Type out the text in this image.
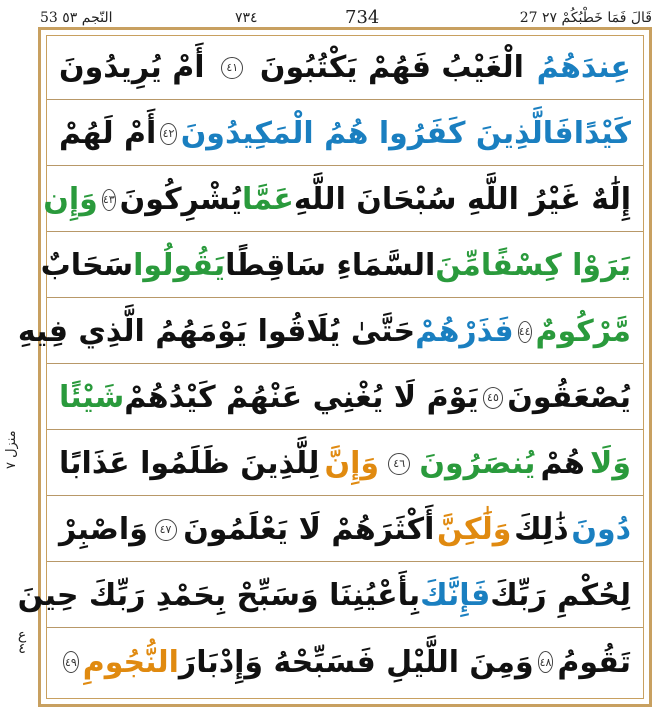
53 النّجم ٥٣	٧٣٤	734	27 قَالَ فَمَا خَطْبُكُمْ ٢٧
منزل ٧
ع ٤
عِندَهُمُ
الْغَيْبُ فَهُمْ يَكْتُبُونَ
٤١
أَمْ يُرِيدُونَ
كَيْدًا
فَالَّذِينَ كَفَرُوا هُمُ الْمَكِيدُونَ
٤٢
أَمْ لَهُمْ
إِلَٰهٌ غَيْرُ اللَّهِ سُبْحَانَ اللَّهِ
عَمَّا
يُشْرِكُونَ
٤٣
وَإِن
يَرَوْا كِسْفًا
مِّنَ
السَّمَاءِ سَاقِطًا
يَقُولُوا
سَحَابٌ
مَّرْكُومٌ
٤٤
فَذَرْهُمْ
حَتَّىٰ يُلَاقُوا يَوْمَهُمُ الَّذِي فِيهِ
يُصْعَقُونَ
٤٥
يَوْمَ لَا يُغْنِي عَنْهُمْ كَيْدُهُمْ
شَيْئًا
وَلَا
هُمْ
يُنصَرُونَ
٤٦
وَإِنَّ
لِلَّذِينَ ظَلَمُوا عَذَابًا
دُونَ
ذَٰلِكَ
وَلَٰكِنَّ
أَكْثَرَهُمْ لَا يَعْلَمُونَ
٤٧
وَاصْبِرْ
لِحُكْمِ رَبِّكَ
فَإِنَّكَ
بِأَعْيُنِنَا وَسَبِّحْ بِحَمْدِ رَبِّكَ حِينَ
تَقُومُ
٤٨
وَمِنَ اللَّيْلِ فَسَبِّحْهُ وَإِدْبَارَ
النُّجُومِ
٤٩
